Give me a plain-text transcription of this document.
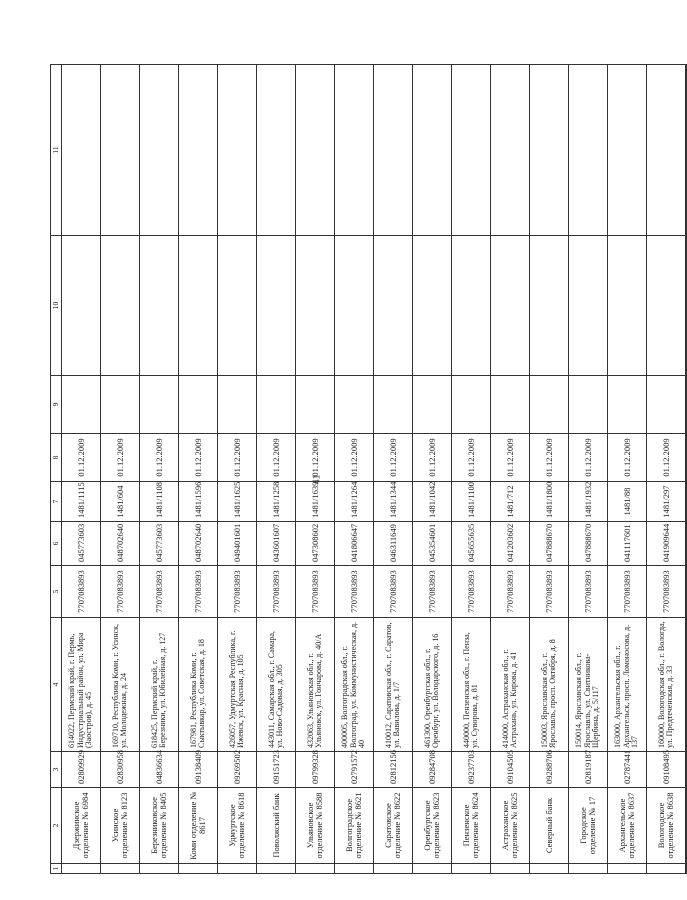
41
1	2	3	4	5	6	7	8	9	10	11
	Дзержинское отделение № 6984	02809929	614022, Пермский край, г. Пермь, Индустриальный район, ул. Мира (Заостров), д. 45	7707083893	045773603	1481/1115	01.12.2009			
	Усинское отделение № 8123	02830958	169710, Республика Коми, г. Усинск, ул. Молодежная, д. 24	7707083893	048702640	1481/604	01.12.2009			
	Березниковское отделение № 8405	04836634	618425, Пермский край, г. Березники, ул. Юбилейная, д. 127	7707083893	045773603	1481/1108	01.12.2009			
	Коми отделение № 8617	09138409	167981, Республика Коми, г. Сыктывкар, ул. Советская, д. 18	7707083893	048702640	1481/1596	01.12.2009			
	Удмуртское отделение № 8618	09269502	426057, Удмуртская Республика, г. Ижевск, ул. Красная, д. 105	7707083893	049401601	1481/1625	01.12.2009			
	Поволжский банк	09151723	443011, Самарская обл., г. Самара, ул. Ново-Садовая, д. 305	7707083893	043601607	1481/1258	01.12.2009			
	Ульяновское отделение № 8588	09799328	432063, Ульяновская обл., г. Ульяновск, ул. Гончарова, д. 40/А	7707083893	047308602	1481/1639	01.12.2009			
	Волгоградское отделение № 8621	02791572	400005, Волгоградская обл., г. Волгоград, ул. Коммунистическая, д. 40	7707083893	041806647	1481/1264	01.12.2009			
	Саратовское отделение № 8622	02812156	410012, Саратовская обл., г. Саратов, ул. Вавилова, д. 1/7	7707083893	046311649	1481/1344	01.12.2009			
	Оренбургское отделение № 8623	09284708	461300, Оренбургская обл., г. Оренбург, ул. Володарского, д. 16	7707083893	045354601	1481/1042	01.12.2009			
	Пензенское отделение № 8624	09237703	440000, Пензенская обл., г. Пенза, ул. Суворова, д. 81	7707083893	045655635	1481/1100	01.12.2009			
	Астраханское отделение № 8625	09104505	414000, Астраханская обл., г. Астрахань, ул. Кирова, д. 41	7707083893	041203602	1481/712	01.12.2009			
	Северный банк	09288706	150003, Ярославская обл., г. Ярославль, просп. Октября, д. 8	7707083893	047888670	1481/1800	01.12.2009			
	Городское отделение № 17	02819187	150014, Ярославская обл., г. Ярославль, ул. Свитникова-Щербина, д. 5/117	7707083893	047888670	1481/1932	01.12.2009			
	Архангельское отделение № 8637	02787441	163000, Архангельская обл., г. Архангельск, просп. Ломоносова, д. 137	7707083893	041117601	1481/88	01.12.2009			
	Вологодское отделение № 8638	09108495	160000, Вологодская обл., г. Вологда, ул. Предтеченская, д. 33	7707083893	041909644	1481/297	01.12.2009			
